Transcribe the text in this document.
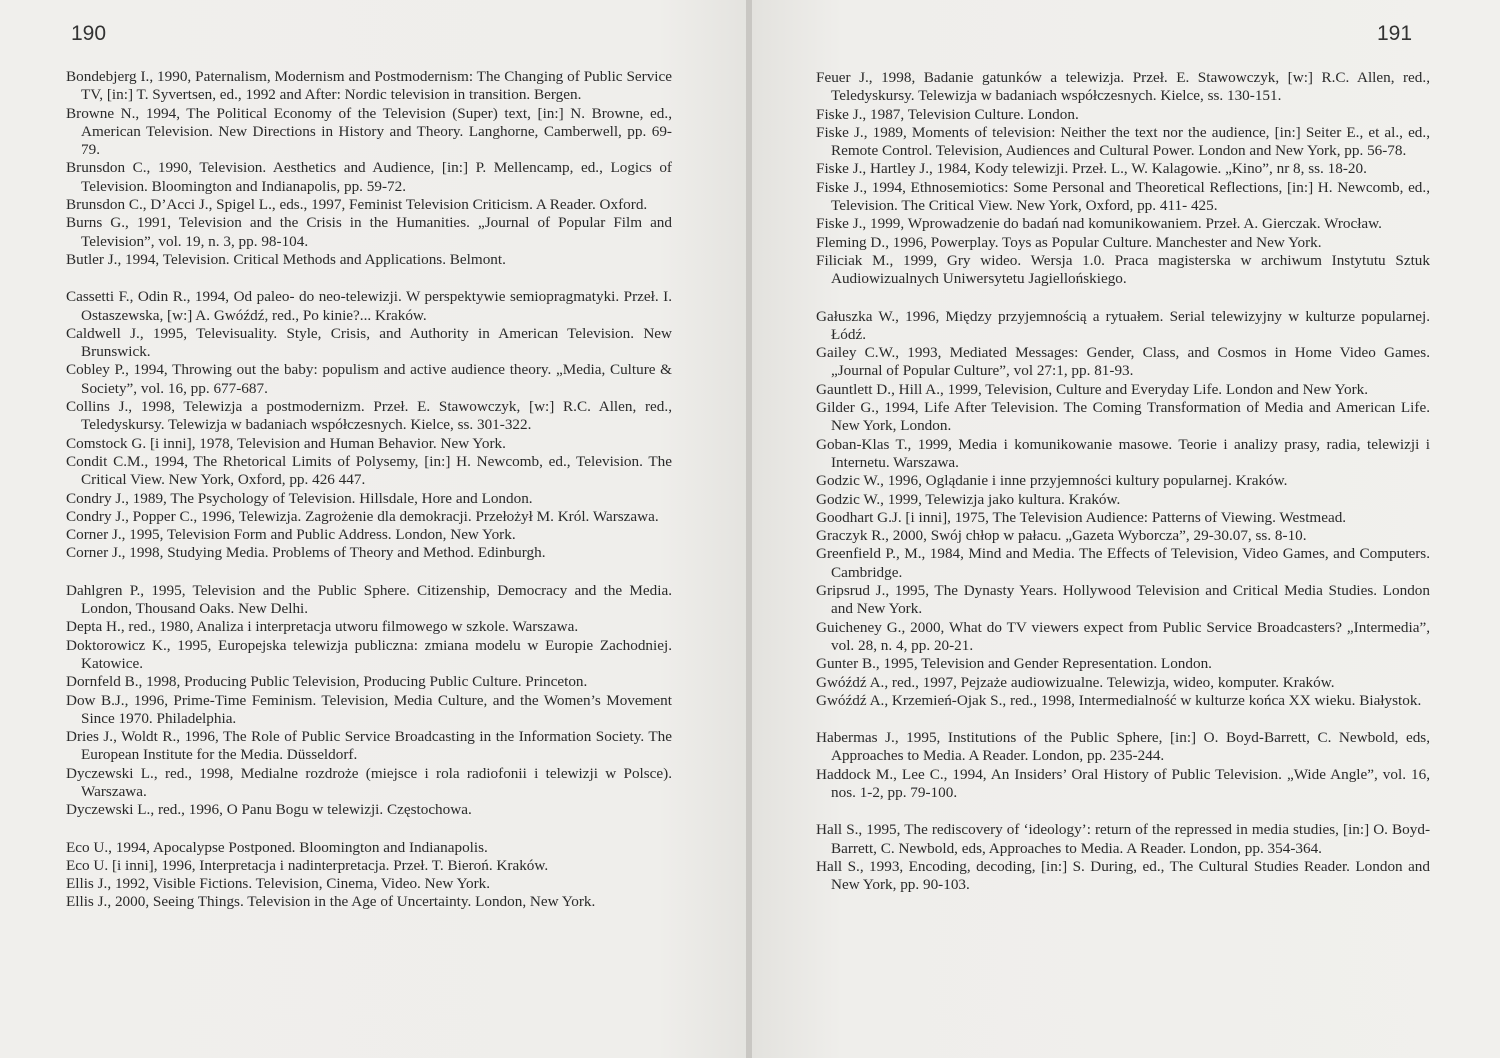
190

Bondebjerg I., 1990, Paternalism, Modernism and Postmodernism: The Changing of Public Service TV, [in:] T. Syvertsen, ed., 1992 and After: Nordic television in transition. Bergen.

Browne N., 1994, The Political Economy of the Television (Super) text, [in:] N. Browne, ed., American Television. New Directions in History and Theory. Langhorne, Camberwell, pp. 69-79.

Brunsdon C., 1990, Television. Aesthetics and Audience, [in:] P. Mellencamp, ed., Logics of Television. Bloomington and Indianapolis, pp. 59-72.

Brunsdon C., D’Acci J., Spigel L., eds., 1997, Feminist Television Criticism. A Reader. Oxford.

Burns G., 1991, Television and the Crisis in the Humanities. „Journal of Popular Film and Television”, vol. 19, n. 3, pp. 98-104.

Butler J., 1994, Television. Critical Methods and Applications. Belmont.

Cassetti F., Odin R., 1994, Od paleo- do neo-telewizji. W perspektywie semiopragmatyki. Przeł. I. Ostaszewska, [w:] A. Gwóźdź, red., Po kinie?... Kraków.

Caldwell J., 1995, Televisuality. Style, Crisis, and Authority in American Television. New Brunswick.

Cobley P., 1994, Throwing out the baby: populism and active audience theory. „Media, Culture & Society”, vol. 16, pp. 677-687.

Collins J., 1998, Telewizja a postmodernizm. Przeł. E. Stawowczyk, [w:] R.C. Allen, red., Teledyskursy. Telewizja w badaniach współczesnych. Kielce, ss. 301-322.

Comstock G. [i inni], 1978, Television and Human Behavior. New York.

Condit C.M., 1994, The Rhetorical Limits of Polysemy, [in:] H. Newcomb, ed., Television. The Critical View. New York, Oxford, pp. 426 447.

Condry J., 1989, The Psychology of Television. Hillsdale, Hore and London.

Condry J., Popper C., 1996, Telewizja. Zagrożenie dla demokracji. Przełożył M. Król. Warszawa.

Corner J., 1995, Television Form and Public Address. London, New York.

Corner J., 1998, Studying Media. Problems of Theory and Method. Edinburgh.

Dahlgren P., 1995, Television and the Public Sphere. Citizenship, Democracy and the Media. London, Thousand Oaks. New Delhi.

Depta H., red., 1980, Analiza i interpretacja utworu filmowego w szkole. Warszawa.

Doktorowicz K., 1995, Europejska telewizja publiczna: zmiana modelu w Europie Zachodniej. Katowice.

Dornfeld B., 1998, Producing Public Television, Producing Public Culture. Princeton.

Dow B.J., 1996, Prime-Time Feminism. Television, Media Culture, and the Women’s Movement Since 1970. Philadelphia.

Dries J., Woldt R., 1996, The Role of Public Service Broadcasting in the Information Society. The European Institute for the Media. Düsseldorf.

Dyczewski L., red., 1998, Medialne rozdroże (miejsce i rola radiofonii i telewizji w Polsce). Warszawa.

Dyczewski L., red., 1996, O Panu Bogu w telewizji. Częstochowa.

Eco U., 1994, Apocalypse Postponed. Bloomington and Indianapolis.

Eco U. [i inni], 1996, Interpretacja i nadinterpretacja. Przeł. T. Bieroń. Kraków.

Ellis J., 1992, Visible Fictions. Television, Cinema, Video. New York.

Ellis J., 2000, Seeing Things. Television in the Age of Uncertainty. London, New York.

191

Feuer J., 1998, Badanie gatunków a telewizja. Przeł. E. Stawowczyk, [w:] R.C. Allen, red., Teledyskursy. Telewizja w badaniach współczesnych. Kielce, ss. 130-151.

Fiske J., 1987, Television Culture. London.

Fiske J., 1989, Moments of television: Neither the text nor the audience, [in:] Seiter E., et al., ed., Remote Control. Television, Audiences and Cultural Power. London and New York, pp. 56-78.

Fiske J., Hartley J., 1984, Kody telewizji. Przeł. L., W. Kalagowie. „Kino”, nr 8, ss. 18-20.

Fiske J., 1994, Ethnosemiotics: Some Personal and Theoretical Reflections, [in:] H. Newcomb, ed., Television. The Critical View. New York, Oxford, pp. 411- 425.

Fiske J., 1999, Wprowadzenie do badań nad komunikowaniem. Przeł. A. Gierczak. Wrocław.

Fleming D., 1996, Powerplay. Toys as Popular Culture. Manchester and New York.

Filiciak M., 1999, Gry wideo. Wersja 1.0. Praca magisterska w archiwum Instytutu Sztuk Audiowizualnych Uniwersytetu Jagiellońskiego.

Gałuszka W., 1996, Między przyjemnością a rytuałem. Serial telewizyjny w kulturze popularnej. Łódź.

Gailey C.W., 1993, Mediated Messages: Gender, Class, and Cosmos in Home Video Games. „Journal of Popular Culture”, vol 27:1, pp. 81-93.

Gauntlett D., Hill A., 1999, Television, Culture and Everyday Life. London and New York.

Gilder G., 1994, Life After Television. The Coming Transformation of Media and American Life. New York, London.

Goban-Klas T., 1999, Media i komunikowanie masowe. Teorie i analizy prasy, radia, telewizji i Internetu. Warszawa.

Godzic W., 1996, Oglądanie i inne przyjemności kultury popularnej. Kraków.

Godzic W., 1999, Telewizja jako kultura. Kraków.

Goodhart G.J. [i inni], 1975, The Television Audience: Patterns of Viewing. Westmead.

Graczyk R., 2000, Swój chłop w pałacu. „Gazeta Wyborcza”, 29-30.07, ss. 8-10.

Greenfield P., M., 1984, Mind and Media. The Effects of Television, Video Games, and Computers. Cambridge.

Gripsrud J., 1995, The Dynasty Years. Hollywood Television and Critical Media Studies. London and New York.

Guicheney G., 2000, What do TV viewers expect from Public Service Broadcasters? „Intermedia”, vol. 28, n. 4, pp. 20-21.

Gunter B., 1995, Television and Gender Representation. London.

Gwóźdź A., red., 1997, Pejzaże audiowizualne. Telewizja, wideo, komputer. Kraków.

Gwóźdź A., Krzemień-Ojak S., red., 1998, Intermedialność w kulturze końca XX wieku. Białystok.

Habermas J., 1995, Institutions of the Public Sphere, [in:] O. Boyd-Barrett, C. Newbold, eds, Approaches to Media. A Reader. London, pp. 235-244.

Haddock M., Lee C., 1994, An Insiders’ Oral History of Public Television. „Wide Angle”, vol. 16, nos. 1-2, pp. 79-100.

Hall S., 1995, The rediscovery of ‘ideology’: return of the repressed in media studies, [in:] O. Boyd-Barrett, C. Newbold, eds, Approaches to Media. A Reader. London, pp. 354-364.

Hall S., 1993, Encoding, decoding, [in:] S. During, ed., The Cultural Studies Reader. London and New York, pp. 90-103.
